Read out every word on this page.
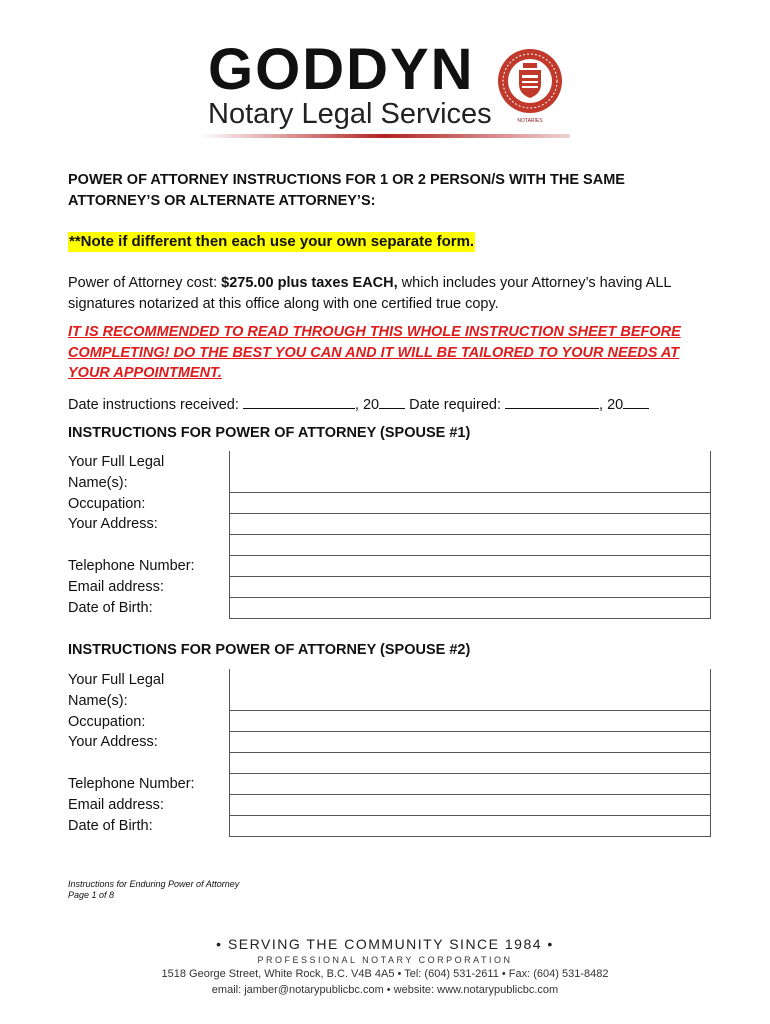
GODDYN
Notary Legal Services	NOTARIES
POWER OF ATTORNEY INSTRUCTIONS FOR 1 OR 2 PERSON/S WITH THE SAME ATTORNEY’S OR ALTERNATE ATTORNEY’S:
**Note if different then each use your own separate form.
Power of Attorney cost: $275.00 plus taxes EACH, which includes your Attorney’s having ALL signatures notarized at this office along with one certified true copy.
IT IS RECOMMENDED TO READ THROUGH THIS WHOLE INSTRUCTION SHEET BEFORE COMPLETING! DO THE BEST YOU CAN AND IT WILL BE TAILORED TO YOUR NEEDS AT YOUR APPOINTMENT.
Date instructions received:	, 20 Date required:	, 20
INSTRUCTIONS FOR POWER OF ATTORNEY (SPOUSE #1)
Your Full Legal
Name(s):
Occupation:
Your Address:
Telephone Number:
Email address:
Date of Birth:
INSTRUCTIONS FOR POWER OF ATTORNEY (SPOUSE #2)
Your Full Legal
Name(s):
Occupation:
Your Address:
Telephone Number:
Email address:
Date of Birth:
Instructions for Enduring Power of Attorney
Page 1 of 8
• SERVING THE COMMUNITY SINCE 1984 •
PROFESSIONAL NOTARY CORPORATION
1518 George Street, White Rock, B.C. V4B 4A5 • Tel: (604) 531-2611 • Fax: (604) 531-8482
email: jamber@notarypublicbc.com • website: www.notarypublicbc.com
